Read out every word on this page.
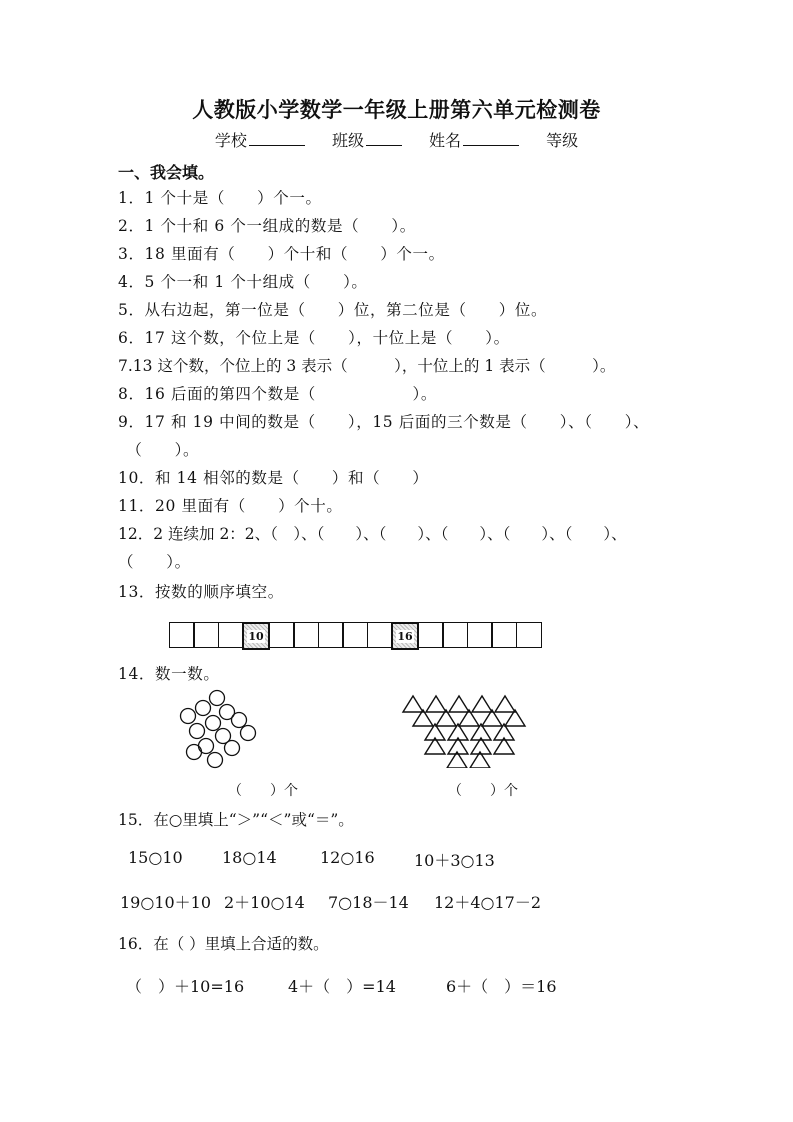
人教版小学数学一年级上册第六单元检测卷
学校	班级	姓名	等级
一、我会填。
1．1 个十是（　　）个一。
2．1 个十和 6 个一组成的数是（　　）。
3．18 里面有（　　）个十和（　　）个一。
4．5 个一和 1 个十组成（　　）。
5．从右边起，第一位是（　　）位，第二位是（　　）位。
6．17 这个数，个位上是（　　），十位上是（　　）。
7.13 这个数，个位上的 3 表示（　　　），十位上的 1 表示（　　　）。
8．16 后面的第四个数是（　　　　　　）。
9．17 和 19 中间的数是（　　），15 后面的三个数是（　　）、（　　）、
　（　　）。
10．和 14 相邻的数是（　　）和（　　）
11．20 里面有（　　）个十。
12．2 连续加 2：2、（　）、（　　）、（　　）、（　　）、（　　）、（　　）、
（　　）。
13．按数的顺序填空。
10	16
14．数一数。
（　　）个	（　　）个
15．在○里填上“＞”“＜”或“＝”。
15○10 18○14	12○16 10＋3○13
19○10＋10 2＋10○14 7○18－14 12＋4○17－2
16．在（ ）里填上合适的数。
（　）＋10=16	4＋（　）=14	6＋（　）＝16
